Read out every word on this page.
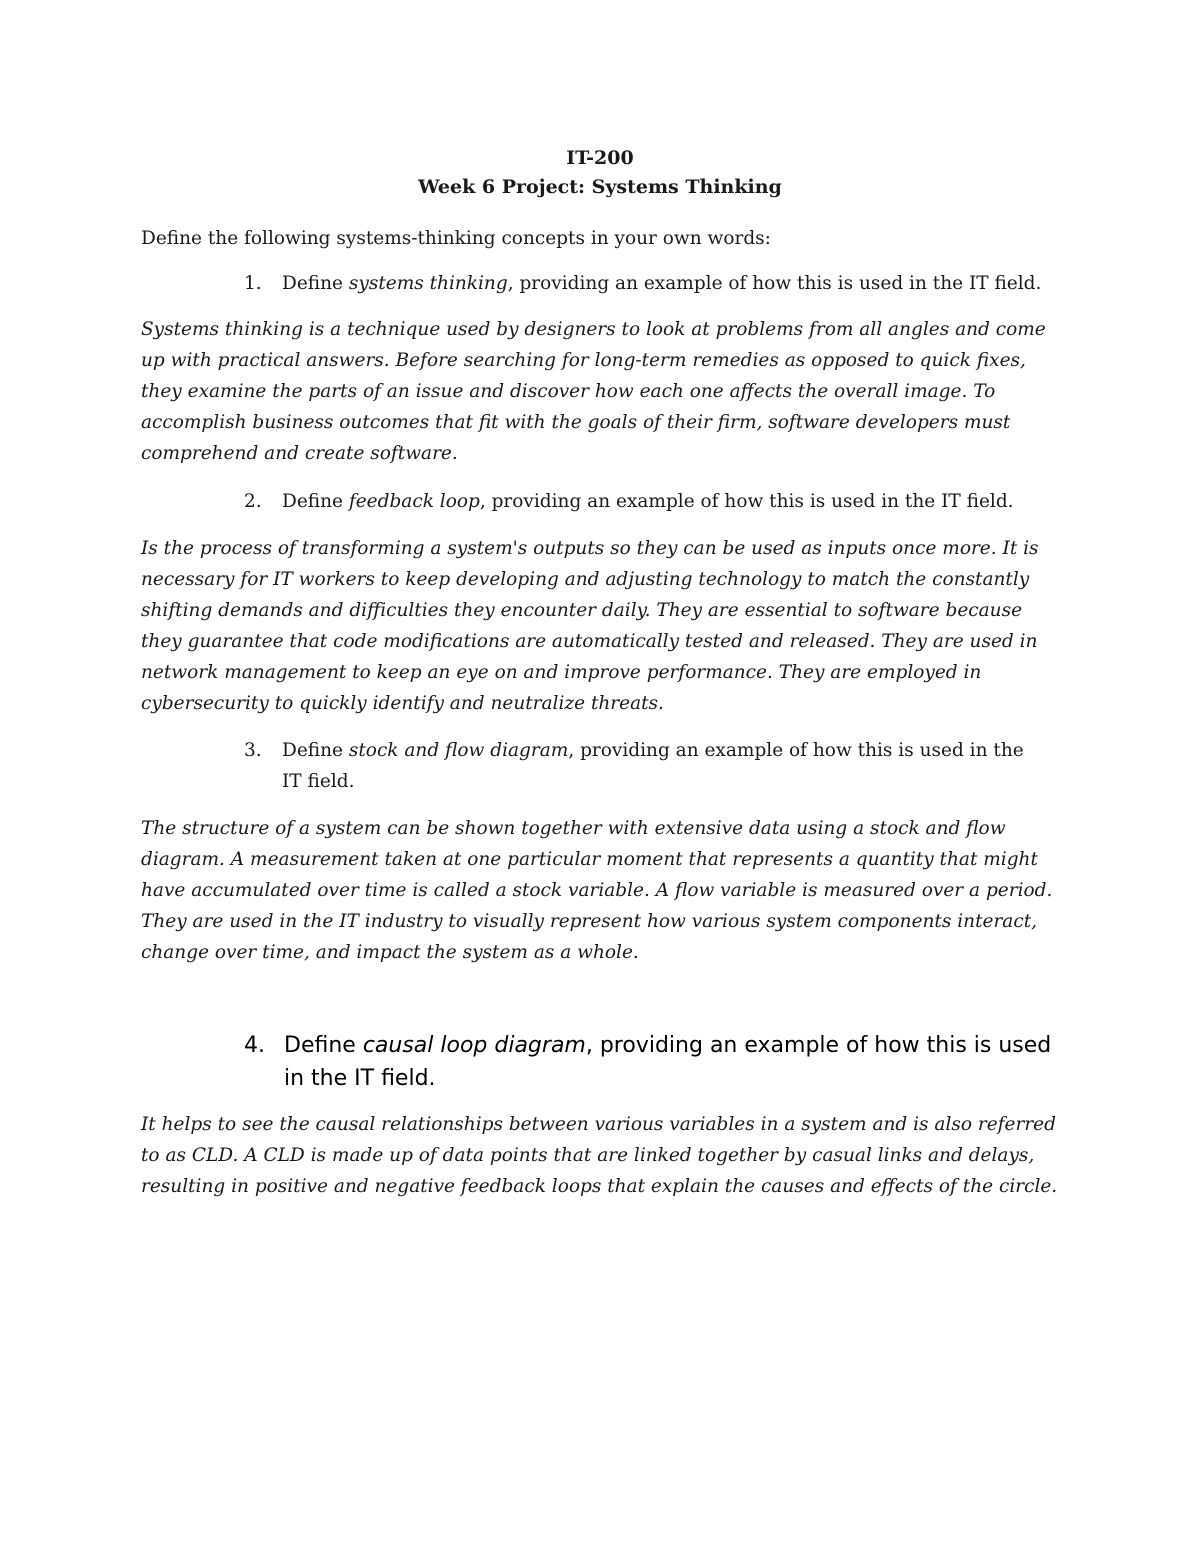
IT-200
Week 6 Project: Systems Thinking
Define the following systems-thinking concepts in your own words:
1. Define systems thinking, providing an example of how this is used in the IT field.

Systems thinking is a technique used by designers to look at problems from all angles and come up with practical answers. Before searching for long-term remedies as opposed to quick fixes, they examine the parts of an issue and discover how each one affects the overall image. To accomplish business outcomes that fit with the goals of their firm, software developers must comprehend and create software.

2. Define feedback loop, providing an example of how this is used in the IT field.

Is the process of transforming a system's outputs so they can be used as inputs once more. It is necessary for IT workers to keep developing and adjusting technology to match the constantly shifting demands and difficulties they encounter daily. They are essential to software because they guarantee that code modifications are automatically tested and released. They are used in network management to keep an eye on and improve performance. They are employed in cybersecurity to quickly identify and neutralize threats.

3. Define stock and flow diagram, providing an example of how this is used in the IT field.

The structure of a system can be shown together with extensive data using a stock and flow diagram. A measurement taken at one particular moment that represents a quantity that might have accumulated over time is called a stock variable. A flow variable is measured over a period. They are used in the IT industry to visually represent how various system components interact, change over time, and impact the system as a whole.

4. Define causal loop diagram, providing an example of how this is used in the IT field.

It helps to see the causal relationships between various variables in a system and is also referred to as CLD. A CLD is made up of data points that are linked together by casual links and delays, resulting in positive and negative feedback loops that explain the causes and effects of the circle.
